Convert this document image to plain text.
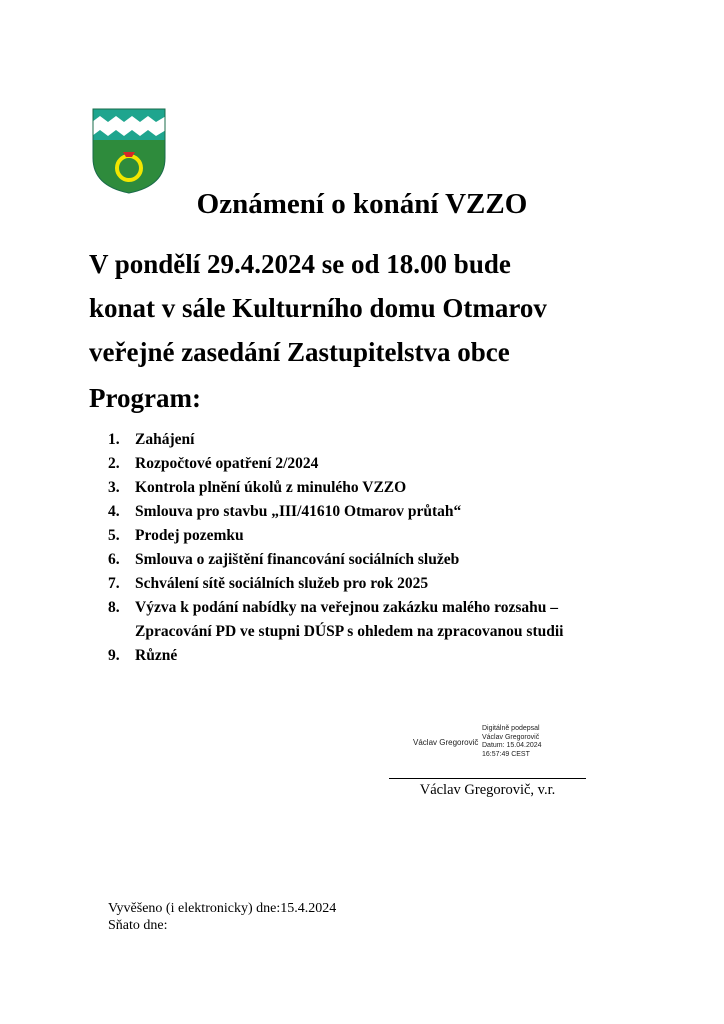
Oznámení o konání VZZO

V pondělí 29.4.2024 se od 18.00 bude
konat v sále Kulturního domu Otmarov
veřejné zasedání Zastupitelstva obce

Program:
1. Zahájení
2. Rozpočtové opatření 2/2024
3. Kontrola plnění úkolů z minulého VZZO
4. Smlouva pro stavbu „III/41610 Otmarov průtah“
5. Prodej pozemku
6. Smlouva o zajištění financování sociálních služeb
7. Schválení sítě sociálních služeb pro rok 2025
8. Výzva k podání nabídky na veřejnou zakázku malého rozsahu – Zpracování PD ve stupni DÚSP s ohledem na zpracovanou studii
9. Různé
Václav Gregorovič
Digitálně podepsal
Václav Gregorovič
Datum: 15.04.2024
16:57:49 CEST
Václav Gregorovič, v.r.
Vyvěšeno (i elektronicky) dne:15.4.2024
Sňato dne:
